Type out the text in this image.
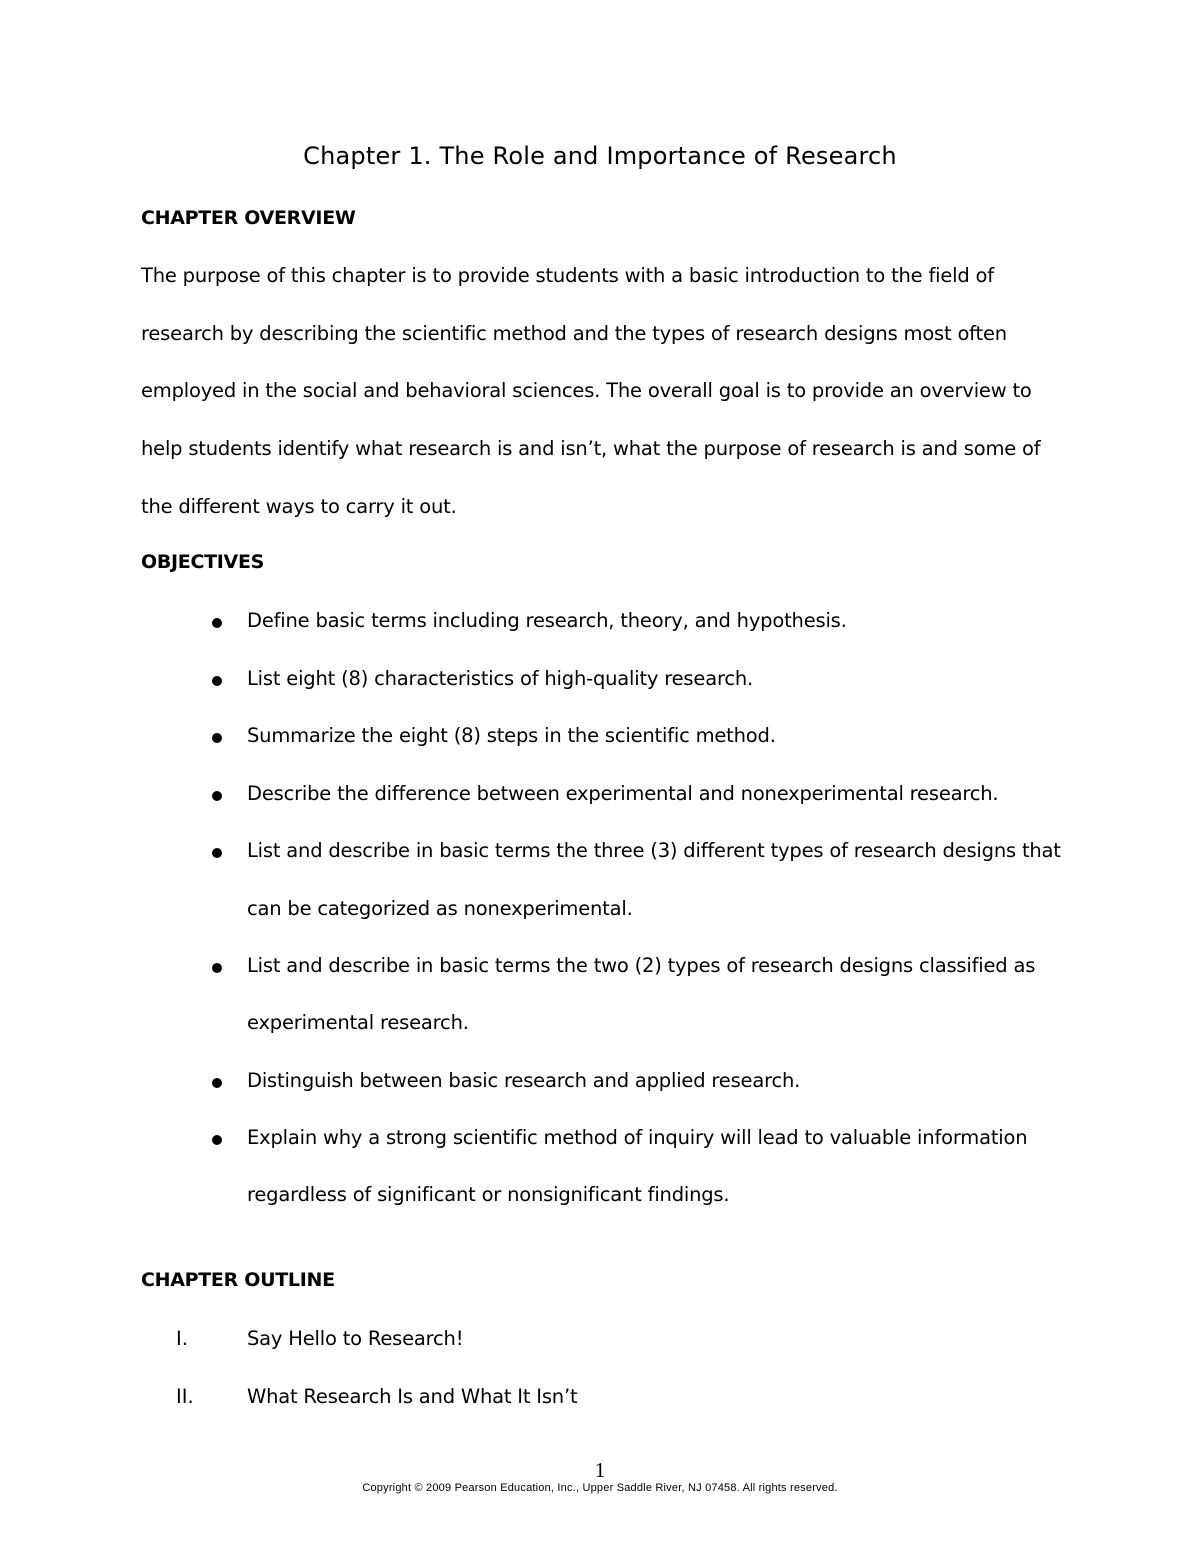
Chapter 1. The Role and Importance of Research
CHAPTER OVERVIEW
The purpose of this chapter is to provide students with a basic introduction to the field of
research by describing the scientific method and the types of research designs most often
employed in the social and behavioral sciences. The overall goal is to provide an overview to
help students identify what research is and isn’t, what the purpose of research is and some of
the different ways to carry it out.
OBJECTIVES
Define basic terms including research, theory, and hypothesis.
List eight (8) characteristics of high-quality research.
Summarize the eight (8) steps in the scientific method.
Describe the difference between experimental and nonexperimental research.
List and describe in basic terms the three (3) different types of research designs that
can be categorized as nonexperimental.
List and describe in basic terms the two (2) types of research designs classified as
experimental research.
Distinguish between basic research and applied research.
Explain why a strong scientific method of inquiry will lead to valuable information
regardless of significant or nonsignificant findings.
CHAPTER OUTLINE
I.	Say Hello to Research!
II.	What Research Is and What It Isn’t
1
Copyright © 2009 Pearson Education, Inc., Upper Saddle River, NJ 07458. All rights reserved.
